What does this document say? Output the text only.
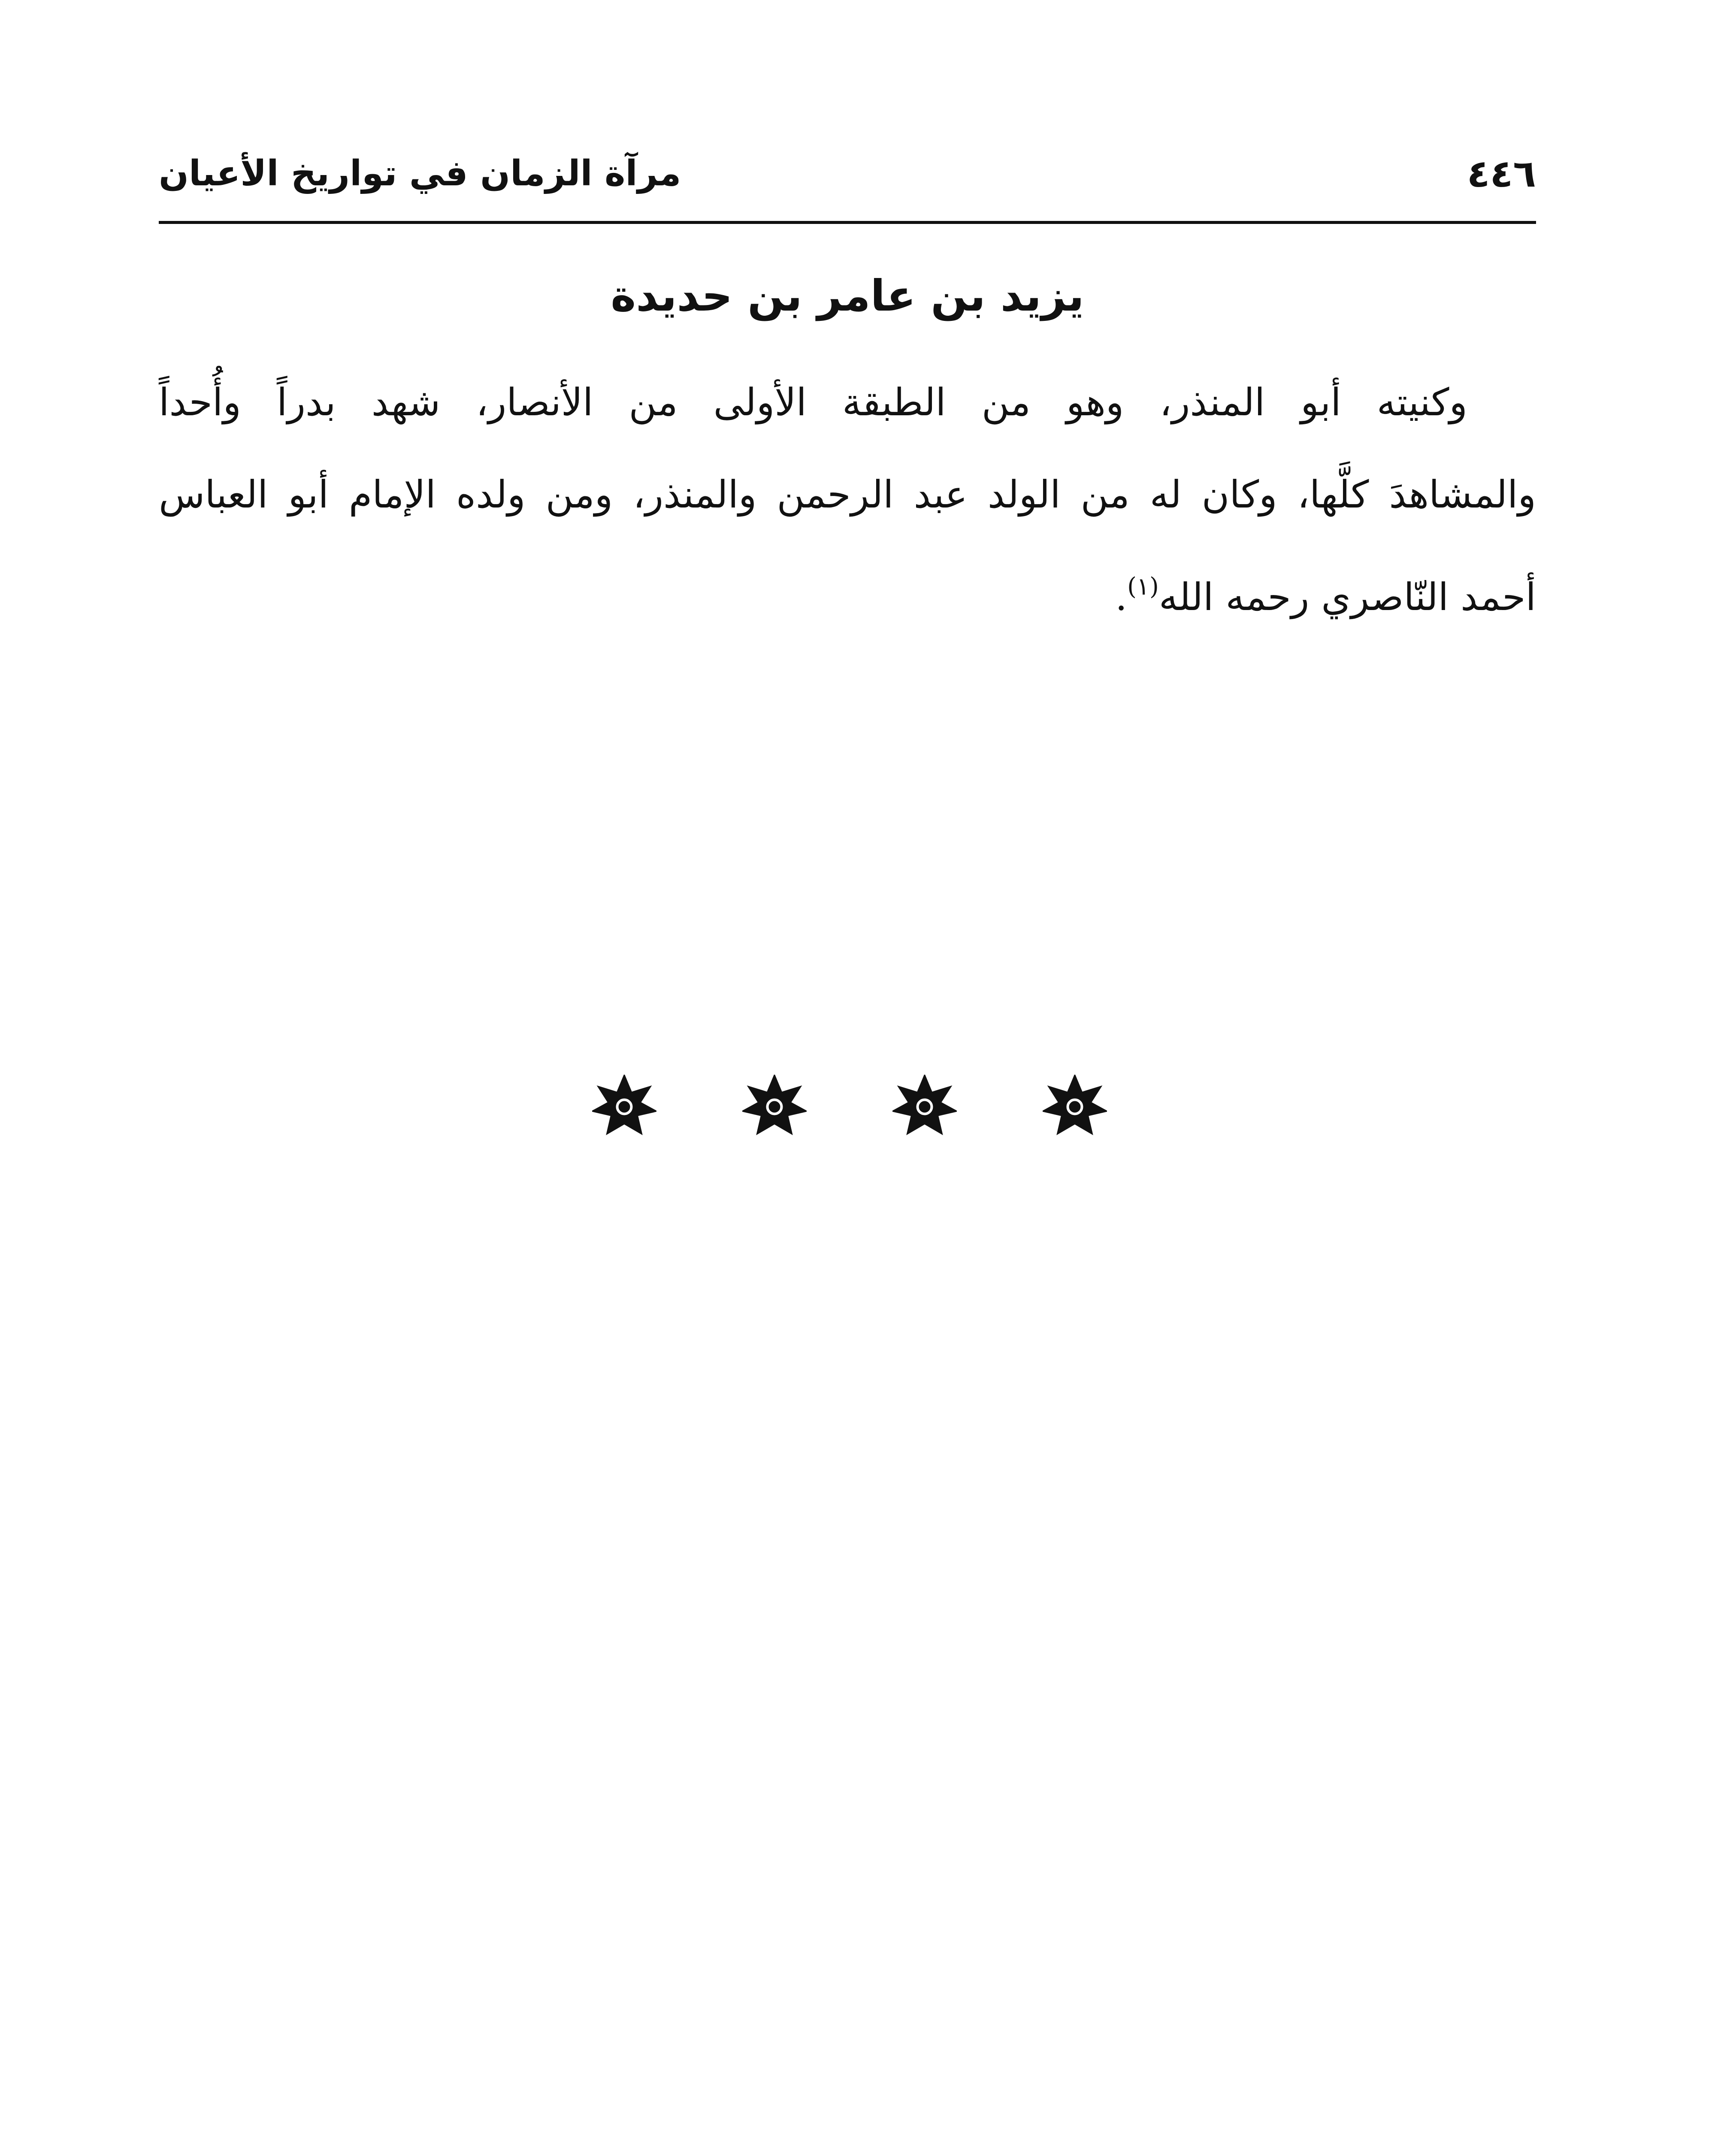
٤٤٦
مرآة الزمان في تواريخ الأعيان
يزيد بن عامر بن حديدة
وكنيته أبو المنذر، وهو من الطبقة الأولى من الأنصار، شهد بدراً وأُحداً
والمشاهدَ كلَّها، وكان له من الولد عبد الرحمن والمنذر، ومن ولده الإمام أبو العباس
أحمد النّاصري رحمه الله$^{(١)}$.
